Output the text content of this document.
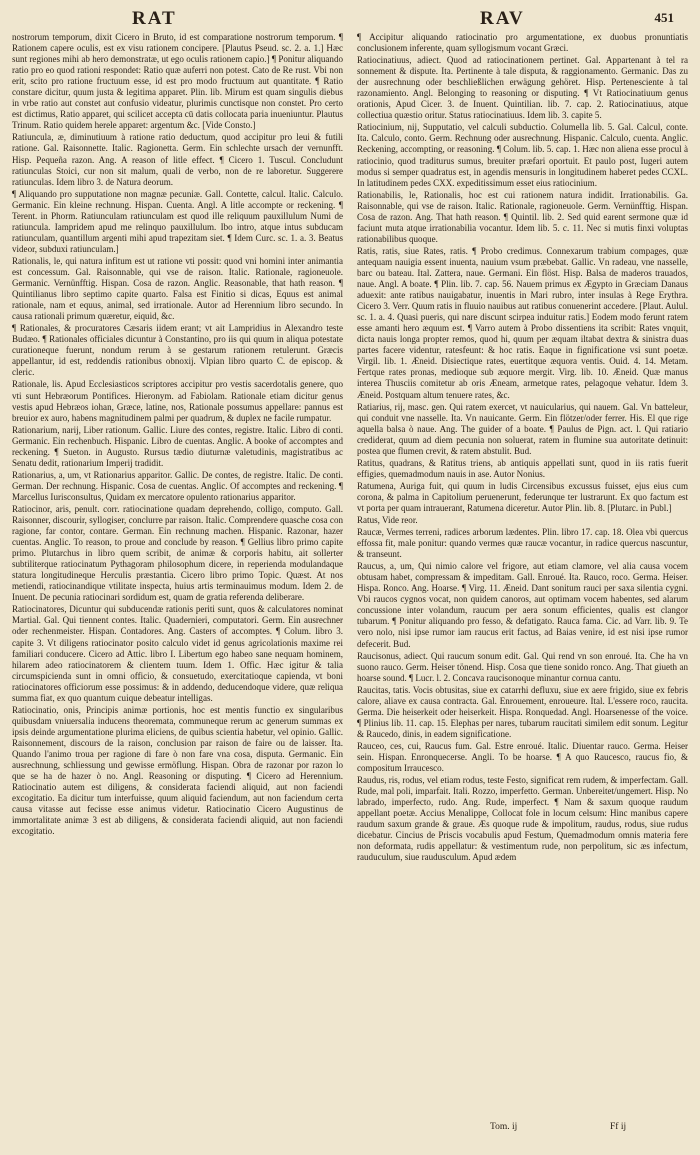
RAT	RAV	451

nostrorum temporum, dixit Cicero in Bruto, id est comparatione nostrorum temporum. ¶ Rationem capere oculis, est ex visu rationem concipere. [Plautus Pseud. sc. 2. a. 1.] Hæc sunt regiones mihi ab hero demonstratæ, ut ego oculis rationem capio.] ¶ Ponitur aliquando ratio pro eo quod rationi respondet: Ratio quæ auferri non potest. Cato de Re rust. Vbi non erit, scito pro ratione fructuum esse, id est pro modo fructuum aut quantitate. ¶ Ratio constare dicitur, quum justa & legitima apparet. Plin. lib. Mirum est quam singulis diebus in vrbe ratio aut constet aut confusio videatur, plurimis cunctisque non constet. Pro certo est dictimus, Ratio apparet, qui scilicet accepta cū datis collocata paria inueniuntur. Plautus Trinum. Ratio quidem herele apparet: argentum &c. [Vide Consto.]

Ratiuncula, æ, diminutiuum à ratione ratio deductum, quod accipitur pro leui & futili ratione. Gal. Raisonnette. Italic. Ragionetta. Germ. Ein schlechte ursach der vernunfft. Hisp. Pequeña razon. Ang. A reason of litle effect. ¶ Cicero 1. Tuscul. Concludunt ratiunculas Stoici, cur non sit malum, quali de verbo, non de re laboretur. Suggerere ratiunculas. Idem libro 3. de Natura deorum.

¶ Aliquando pro supputatione non magnæ pecuniæ. Gall. Contette, calcul. Italic. Calculo. Germanic. Ein kleine rechnung. Hispan. Cuenta. Angl. A litle accompte or reckening. ¶ Terent. in Phorm. Ratiunculam ratiunculam est quod ille reliquum pauxillulum Numi de ratiuncula. Iampridem apud me relinquo pauxillulum. Ibo intro, atque intus subducam ratiunculam, quantillum argenti mihi apud trapezitam siet. ¶ Idem Curc. sc. 1. a. 3. Beatus videor, subduxi ratiunculam.]

Rationalis, le, qui natura infitum est ut ratione vti possit: quod vni homini inter animantia est concessum. Gal. Raisonnable, qui vse de raison. Italic. Rationale, ragioneuole. Germanic. Vernünfftig. Hispan. Cosa de razon. Anglic. Reasonable, that hath reason. ¶ Quintilianus libro septimo capite quarto. Falsa est Finitio si dicas, Equus est animal rationale, nam et equus, animal, sed irrationale. Autor ad Herennium libro secundo. In causa rationali primum quæretur, eiquid, &c.

¶ Rationales, & procuratores Cæsaris iidem erant; vt ait Lampridius in Alexandro teste Budæo. ¶ Rationales officiales dicuntur à Constantino, pro iis qui quum in aliqua potestate curationeque fuerunt, nondum rerum à se gestarum rationem retulerunt. Græcis appellantur, id est, reddendis rationibus obnoxij. Vlpian libro quarto C. de episcop. & cleric.

Rationale, lis. Apud Ecclesiasticos scriptores accipitur pro vestis sacerdotalis genere, quo vti sunt Hebræorum Pontifices. Hieronym. ad Fabiolam. Rationale etiam dicitur genus vestis apud Hebræos iohan, Græce, latine, nos, Rationale possumus appellare: pannus est breuior ex auro, habens magnitudinem palmi per quadrum, & duplex ne facile rumpatur.

Rationarium, narij, Liber rationum. Gallic. Liure des contes, registre. Italic. Libro di conti. Germanic. Ein rechenbuch. Hispanic. Libro de cuentas. Anglic. A booke of accomptes and reckening. ¶ Sueton. in Augusto. Rursus tædio diuturnæ valetudinis, magistratibus ac Senatu dedit, rationarium Imperij tradidit.

Rationarius, a, um, vt Rationarius apparitor. Gallic. De contes, de registre. Italic. De conti. German. Der rechnung. Hispanic. Cosa de cuentas. Anglic. Of accomptes and reckening. ¶ Marcellus Iurisconsultus, Quidam ex mercatore opulento rationarius apparitor.

Ratiocinor, aris, penult. corr. ratiocinatione quadam deprehendo, colligo, computo. Gall. Raisonner, discourir, syllogiser, conclurre par raison. Italic. Comprendere quasche cosa con ragione, far contor, contare. German. Ein rechnung machen. Hispanic. Razonar, hazer cuentas. Anglic. To reason, to proue and conclude by reason. ¶ Gellius libro primo capite primo. Plutarchus in libro quem scribit, de animæ & corporis habitu, ait sollerter subtiliterque ratiocinatum Pythagoram philosophum dicere, in reperienda modulandaque statura longitudineque Herculis præstantia. Cicero libro primo Topic. Quæst. At nos metiendi, ratiocinandique vtilitate inspecta, huius artis terminauimus modum. Idem 2. de Inuent. De pecunia ratiocinari sordidum est, quam de gratia referenda deliberare.

Ratiocinatores, Dicuntur qui subducendæ rationis periti sunt, quos & calculatores nominat Martial. Gal. Qui tiennent contes. Italic. Quadernieri, computatori. Germ. Ein ausrechner oder rechenmeister. Hispan. Contadores. Ang. Casters of accomptes. ¶ Colum. libro 3. capite 3. Vt diligens ratiocinator posito calculo videt id genus agricolationis maxime rei familiari conducere. Cicero ad Attic. libro I. Libertum ego habeo sane nequam hominem, hilarem adeo ratiocinatorem & clientem tuum. Idem 1. Offic. Hæc igitur & talia circumspicienda sunt in omni officio, & consuetudo, exercitatioque capienda, vt boni ratiocinatores officiorum esse possimus: & in addendo, deducendoque videre, quæ reliqua summa fiat, ex quo quantum cuique debeatur intelligas.

Ratiocinatio, onis, Principis animæ portionis, hoc est mentis functio ex singularibus quibusdam vniuersalia inducens theoremata, communeque rerum ac generum summas ex ipsis deinde argumentatione plurima eliciens, de quibus scientia habetur, vel opinio. Gallic. Raisonnement, discours de la raison, conclusion par raison de faire ou de laisser. Ita. Quando l'animo troua per ragione di fare ò non fare vna cosa, disputa. Germanic. Ein ausrechnung, schliessung und gewisse ermöflung. Hispan. Obra de razonar por razon lo que se ha de hazer ò no. Angl. Reasoning or disputing. ¶ Cicero ad Herennium. Ratiocinatio autem est diligens, & considerata faciendi aliquid, aut non faciendi excogitatio. Ea dicitur tum interfuisse, quum aliquid faciendum, aut non faciendum certa causa vitasse aut fecisse esse animus videtur. Ratiocinatio Cicero Augustinus de immortalitate animæ 3 est ab diligens, & considerata faciendi aliquid, aut non faciendi excogitatio.

¶ Accipitur aliquando ratiocinatio pro argumentatione, ex duobus pronuntiatis conclusionem inferente, quam syllogismum vocant Græci.

Ratiocinatiuus, adiect. Quod ad ratiocinationem pertinet. Gal. Appartenant à tel ra sonnement & dispute. Ita. Pertinente à tale disputa, & raggionamento. Germanic. Das zu der ausrechnung oder beschließlichen erwägung gehöret. Hisp. Pertenesciente à tal razonamiento. Angl. Belonging to reasoning or disputing. ¶ Vt Ratiocinatiuum genus orationis, Apud Cicer. 3. de Inuent. Quintilian. lib. 7. cap. 2. Ratiocinatiuus, atque collectiua quæstio oritur. Status ratiocinatiuus. Idem lib. 3. capite 5.

Ratiocinium, nij, Supputatio, vel calculi subductio. Columella lib. 5. Gal. Calcul, conte. Ita. Calculo, conto. Germ. Rechnung oder ausrechnung. Hispanic. Calculo, cuenta. Anglic. Reckening, accompting, or reasoning. ¶ Colum. lib. 5. cap. 1. Hæc non aliena esse procul à ratiocinio, quod traditurus sumus, breuiter præfari oportuit. Et paulo post, Iugeri autem modus si semper quadratus est, in agendis mensuris in longitudinem haberet pedes CCXL. In latitudinem pedes CXX. expeditissimum esset eius ratiocinium.

Rationabilis, le, Rationalis, hoc est cui rationem natura indidit. Irrationabilis. Ga. Raisonnable, qui vse de raison. Italic. Rationale, ragioneuole. Germ. Vernünfftig. Hispan. Cosa de razon. Ang. That hath reason. ¶ Quintil. lib. 2. Sed quid earent sermone quæ id faciunt muta atque irrationabilia vocantur. Idem lib. 5. c. 11. Nec si mutis finxi voluptas rationabilibus quoque.

Ratis, ratis, siue Rates, ratis. ¶ Probo credimus. Connexarum trabium compages, quæ antequam nauigia essent inuenta, nauium vsum præbebat. Gallic. Vn radeau, vne nasselle, barc ou bateau. Ital. Zattera, naue. Germani. Ein flöst. Hisp. Balsa de maderos trauados, naue. Angl. A boate. ¶ Plin. lib. 7. cap. 56. Nauem primus ex Ægypto in Græciam Danaus aduexit: ante ratibus nauigabatur, inuentis in Mari rubro, inter insulas à Rege Erythra. Cicero 3. Verr. Quum ratis in fluuio nauibus aut ratibus conuenerint accedere. [Plaut. Aulul. sc. 1. a. 4. Quasi pueris, qui nare discunt scirpea induitur ratis.] Eodem modo ferunt ratem esse amanti hero æquum est. ¶ Varro autem à Probo dissentiens ita scribit: Rates vnquit, dicta nauis longa propter remos, quod hi, quum per æquam iltabat dextra & sinistra duas partes facere videntur, ratesfeunt: & hoc ratis. Eaque in fignificatione vsi sunt poetæ. Virgil. lib. 1. Æneid. Disiectique rates, euertitque æquora ventis. Ouid. 4. 14. Metam. Fertque rates pronas, medioque sub æquore mergit. Virg. lib. 10. Æneid. Quæ manus interea Thusciis comitetur ab oris Æneam, armetque rates, pelagoque vehatur. Idem 3. Æneid. Postquam altum tenuere rates, &c.

Ratiarius, rij, masc. gen. Qui ratem exercet, vt nauicularius, qui nauem. Gal. Vn batteleur, qui conduit vne nasselle. Ita. Vn nauicante. Germ. Ein flötzer/oder ferrer. His. El que rige aquella balsa ò naue. Ang. The guider of a boate. ¶ Paulus de Pign. act. l. Qui ratiario crediderat, quum ad diem pecunia non soluerat, ratem in flumine sua autoritate detinuit: postea que flumen crevit, & ratem abstulit. Bud.

Ratitus, quadrans, & Ratitus triens, ab antiquis appellati sunt, quod in iis ratis fuerit effigies, quemadmodum nauis in ase. Autor Nonius.

Ratumena, Auriga fuit, qui quum in ludis Circensibus excussus fuisset, ejus eius cum corona, & palma in Capitolium peruenerunt, federunque ter lustrarunt. Ex quo factum est vt porta per quam intrauerant, Ratumena diceretur. Autor Plin. lib. 8. [Plutarc. in Publ.]

Ratus, Vide reor.

Raucæ, Vermes terreni, radices arborum lædentes. Plin. libro 17. cap. 18. Olea vbi quercus effossa fit, male ponitur: quando vermes quæ raucæ vocantur, in radice quercus nascuntur, & transeunt.

Raucus, a, um, Qui nimio calore vel frigore, aut etiam clamore, vel alia causa vocem obtusam habet, compressam & impeditam. Gall. Enroué. Ita. Rauco, roco. Germa. Heiser. Hispa. Ronco. Ang. Hoarse. ¶ Virg. 11. Æneid. Dant sonitum rauci per saxa silentia cygni. Vbi raucos cygnos vocat, non quidem canoros, aut optimam vocem habentes, sed alarum concussione inter volandum, raucum per aera sonum efficientes, qualis est clangor tubarum. ¶ Ponitur aliquando pro fesso, & defatigato. Rauca fama. Cic. ad Varr. lib. 9. Te vero nolo, nisi ipse rumor iam raucus erit factus, ad Baias venire, id est nisi ipse rumor defecerit. Bud.

Raucisonus, adiect. Qui raucum sonum edit. Gal. Qui rend vn son enroué. Ita. Che ha vn suono rauco. Germ. Heiser tönend. Hisp. Cosa que tiene sonido ronco. Ang. That giueth an hoarse sound. ¶ Lucr. l. 2. Concava raucisonoque minantur cornua cantu.

Raucitas, tatis. Vocis obtusitas, siue ex catarrhi defluxu, siue ex aere frigido, siue ex febris calore, aliave ex causa contracta. Gal. Enrouement, enroueure. Ital. L'essere roco, raucita. Germa. Die heiserkeit oder heiserkeit. Hispa. Ronquedad. Angl. Hoarsenesse of the voice. ¶ Plinius lib. 11. cap. 15. Elephas per nares, tubarum raucitati similem edit sonum. Legitur & Raucedo, dinis, in eadem significatione.

Rauceo, ces, cui, Raucus fum. Gal. Estre enroué. Italic. Diuentar rauco. Germa. Heiser sein. Hispan. Enronquecerse. Angli. To be hoarse. ¶ A quo Raucesco, raucus fio, & compositum Irraucesco.

Raudus, ris, rodus, vel etiam rodus, teste Festo, significat rem rudem, & imperfectam. Gall. Rude, mal poli, imparfait. Itali. Rozzo, imperfetto. German. Unbereitet/ungemert. Hisp. No labrado, imperfecto, rudo. Ang. Rude, imperfect. ¶ Nam & saxum quoque raudum appellant poetæ. Accius Menalippe, Collocat fole in locum celsum: Hinc manibus capere raudum saxum grande & graue. Æs quoque rude & impolitum, raudus, rodus, siue rudus dicebatur. Cincius de Priscis vocabulis apud Festum, Quemadmodum omnis materia fere non deformata, rudis appellatur: & vestimentum rude, non perpolitum, sic æs infectum, rauduculum, siue raudusculum. Apud ædem

Tom. ij	Ff ij
